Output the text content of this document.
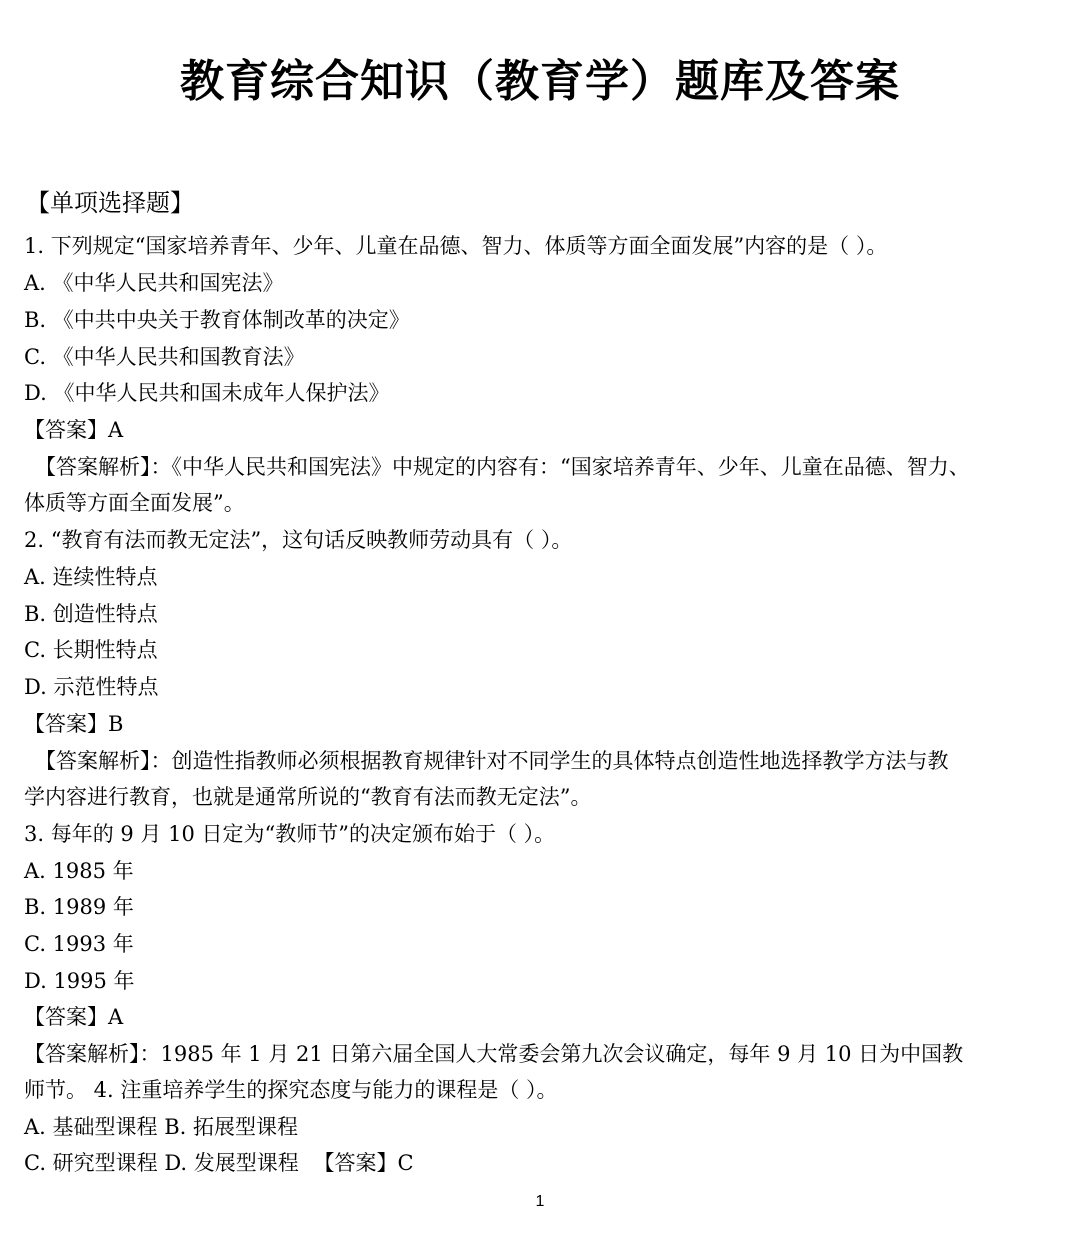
教育综合知识（教育学）题库及答案
【单项选择题】
1. 下列规定“国家培养青年、少年、儿童在品德、智力、体质等方面全面发展”内容的是（ ）。
A. 《中华人民共和国宪法》
B. 《中共中央关于教育体制改革的决定》
C. 《中华人民共和国教育法》
D. 《中华人民共和国未成年人保护法》
【答案】A
【答案解析】：《中华人民共和国宪法》中规定的内容有：“国家培养青年、少年、儿童在品德、智力、
体质等方面全面发展”。
2. “教育有法而教无定法”，这句话反映教师劳动具有（ ）。
A. 连续性特点
B. 创造性特点
C. 长期性特点
D. 示范性特点
【答案】B
【答案解析】：创造性指教师必须根据教育规律针对不同学生的具体特点创造性地选择教学方法与教
学内容进行教育，也就是通常所说的“教育有法而教无定法”。
3. 每年的 9 月 10 日定为“教师节”的决定颁布始于（ ）。
A. 1985 年
B. 1989 年
C. 1993 年
D. 1995 年
【答案】A
【答案解析】：1985 年 1 月 21 日第六届全国人大常委会第九次会议确定，每年 9 月 10 日为中国教
师节。 4. 注重培养学生的探究态度与能力的课程是（ ）。
A. 基础型课程 B. 拓展型课程
C. 研究型课程 D. 发展型课程 【答案】C
1
